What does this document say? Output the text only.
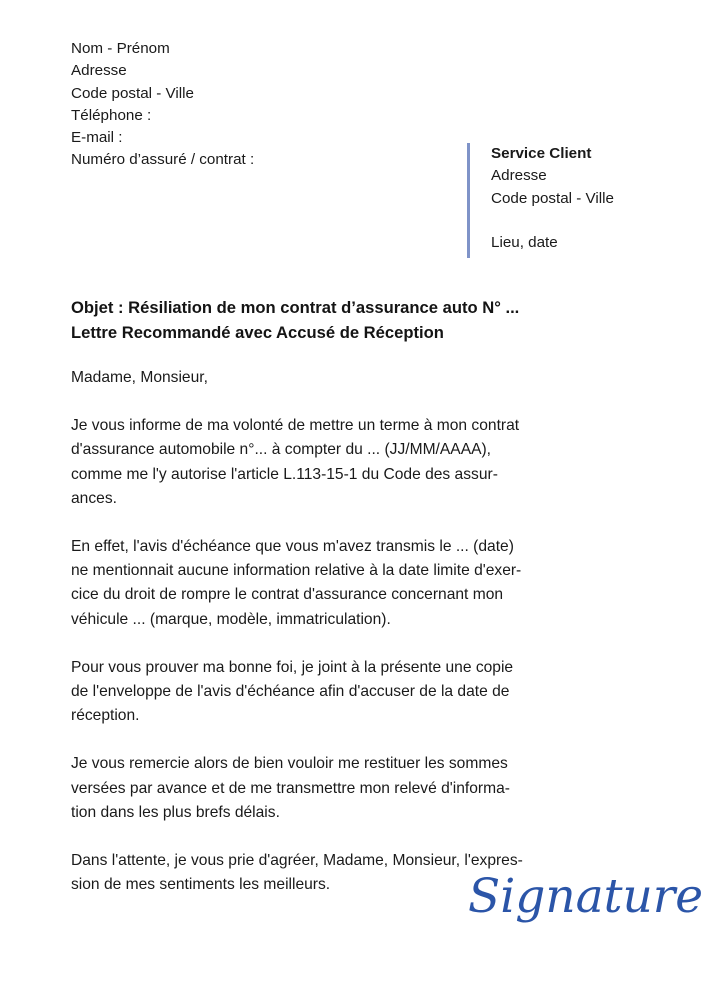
Nom - Prénom
Adresse
Code postal - Ville
Téléphone :
E-mail :
Numéro d’assuré / contrat :	Service Client
Adresse
Code postal - Ville
Lieu, date
Objet : Résiliation de mon contrat d’assurance auto N° ...
Lettre Recommandé avec Accusé de Réception

Madame, Monsieur,

Je vous informe de ma volonté de mettre un terme à mon contrat
d'assurance automobile n°... à compter du ... (JJ/MM/AAAA),
comme me l'y autorise l'article L.113-15-1 du Code des assur-
ances.

En effet, l'avis d'échéance que vous m'avez transmis le ... (date)
ne mentionnait aucune information relative à la date limite d'exer-
cice du droit de rompre le contrat d'assurance concernant mon
véhicule ... (marque, modèle, immatriculation).

Pour vous prouver ma bonne foi, je joint à la présente une copie
de l'enveloppe de l'avis d'échéance afin d'accuser de la date de
réception.

Je vous remercie alors de bien vouloir me restituer les sommes
versées par avance et de me transmettre mon relevé d'informa-
tion dans les plus brefs délais.

Dans l'attente, je vous prie d'agréer, Madame, Monsieur, l'expres-
sion de mes sentiments les meilleurs.	Signature
